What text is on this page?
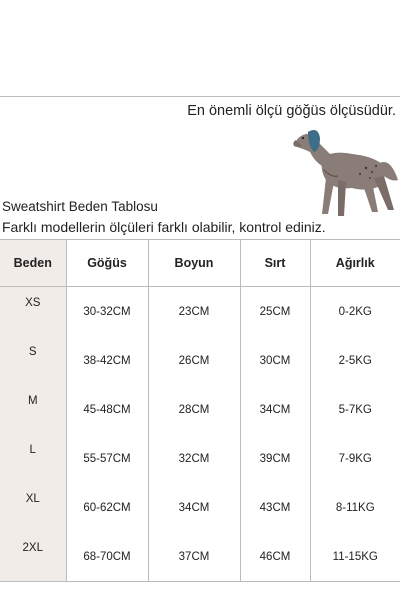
En önemli ölçü göğüs ölçüsüdür.
Sweatshirt Beden Tablosu
Farklı modellerin ölçüleri farklı olabilir, kontrol ediniz.
Beden	Göğüs	Boyun	Sırt	Ağırlık
XS	30-32CM	23CM	25CM	0-2KG
S	38-42CM	26CM	30CM	2-5KG
M	45-48CM	28CM	34CM	5-7KG
L	55-57CM	32CM	39CM	7-9KG
XL	60-62CM	34CM	43CM	8-11KG
2XL	68-70CM	37CM	46CM	11-15KG
